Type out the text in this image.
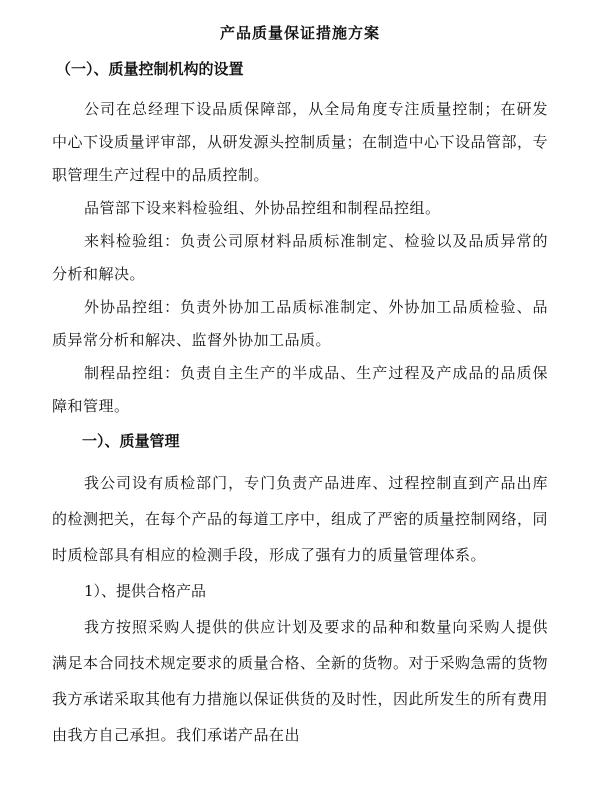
产品质量保证措施方案
（一）、质量控制机构的设置

公司在总经理下设品质保障部，从全局角度专注质量控制；在研发中心下设质量评审部，从研发源头控制质量；在制造中心下设品管部，专职管理生产过程中的品质控制。

品管部下设来料检验组、外协品控组和制程品控组。

来料检验组：负责公司原材料品质标准制定、检验以及品质异常的分析和解决。

外协品控组：负责外协加工品质标准制定、外协加工品质检验、品质异常分析和解决、监督外协加工品质。

制程品控组：负责自主生产的半成品、生产过程及产成品的品质保障和管理。

一）、质量管理

我公司设有质检部门，专门负责产品进库、过程控制直到产品出库的检测把关，在每个产品的每道工序中，组成了严密的质量控制网络，同时质检部具有相应的检测手段，形成了强有力的质量管理体系。

1）、提供合格产品

我方按照采购人提供的供应计划及要求的品种和数量向采购人提供满足本合同技术规定要求的质量合格、全新的货物。对于采购急需的货物我方承诺采取其他有力措施以保证供货的及时性，因此所发生的所有费用由我方自己承担。我们承诺产品在出
